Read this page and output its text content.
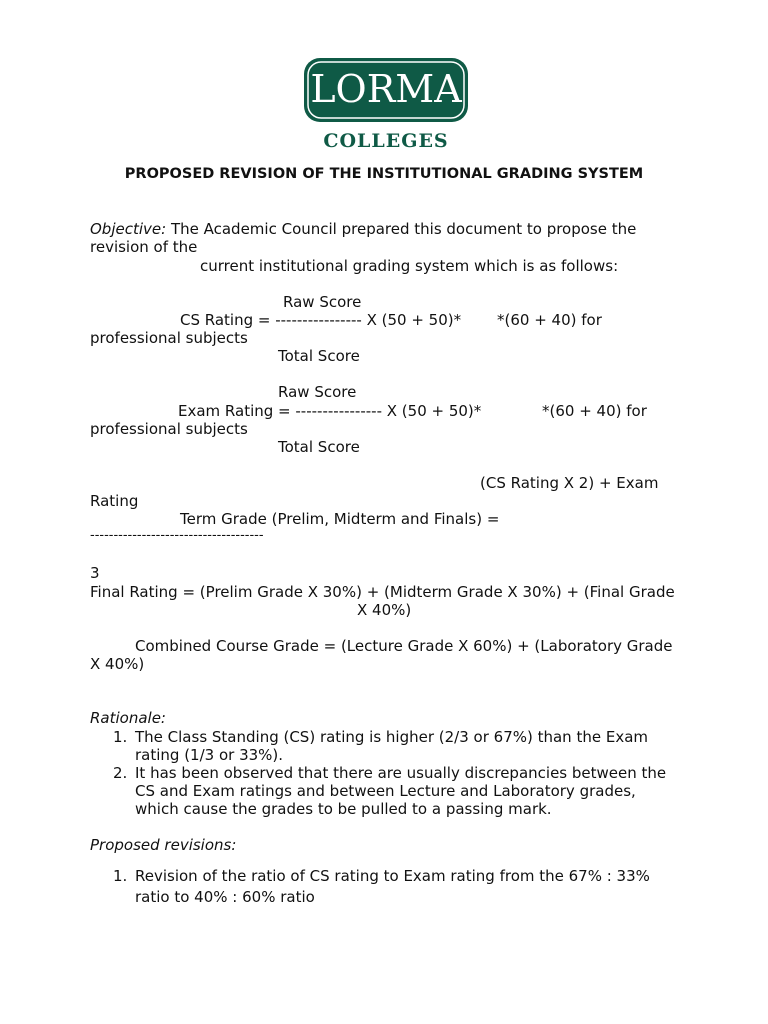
LORMA
COLLEGES
PROPOSED REVISION OF THE INSTITUTIONAL GRADING SYSTEM
Objective: The Academic Council prepared this document to propose the
revision of the
current institutional grading system which is as follows:
Raw Score
CS Rating = ---------------- X (50 + 50)* *(60 + 40) for
professional subjects
Total Score
Raw Score
Exam Rating = ---------------- X (50 + 50)*	*(60 + 40) for
professional subjects
Total Score
(CS Rating X 2) + Exam
Rating
Term Grade (Prelim, Midterm and Finals) =
-------------------------------------
3
Final Rating = (Prelim Grade X 30%) + (Midterm Grade X 30%) + (Final Grade
X 40%)
Combined Course Grade = (Lecture Grade X 60%) + (Laboratory Grade
X 40%)
Rationale:
1. The Class Standing (CS) rating is higher (2/3 or 67%) than the Exam
rating (1/3 or 33%).
2. It has been observed that there are usually discrepancies between the
CS and Exam ratings and between Lecture and Laboratory grades,
which cause the grades to be pulled to a passing mark.
Proposed revisions:
1. Revision of the ratio of CS rating to Exam rating from the 67% : 33%
ratio to 40% : 60% ratio
